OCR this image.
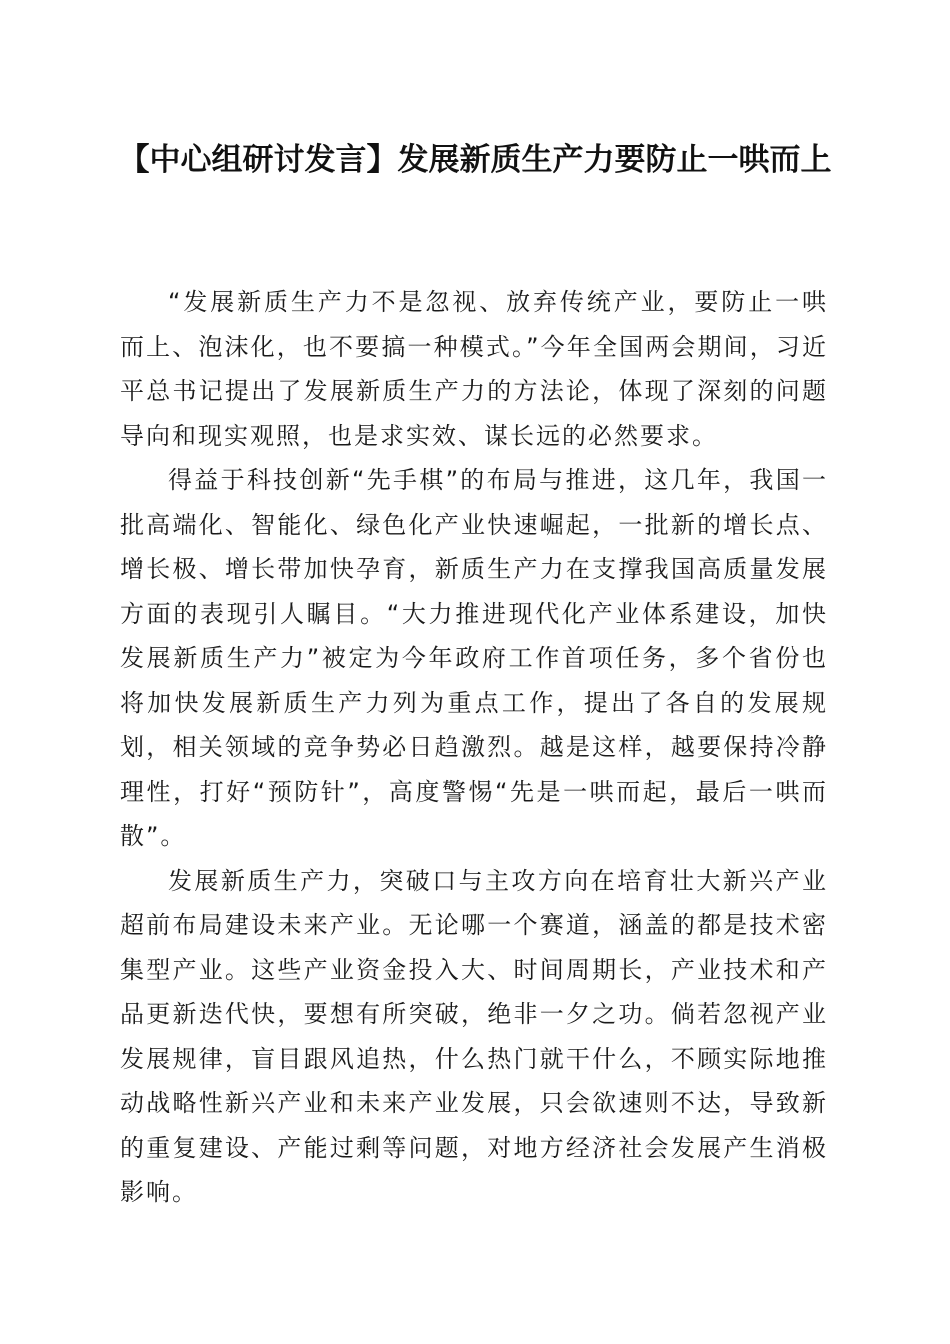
【中心组研讨发言】发展新质生产力要防止一哄而上

“发展新质生产力不是忽视、放弃传统产业，要防止一哄而上、泡沫化，也不要搞一种模式。”今年全国两会期间，习近平总书记提出了发展新质生产力的方法论，体现了深刻的问题导向和现实观照，也是求实效、谋长远的必然要求。

得益于科技创新“先手棋”的布局与推进，这几年，我国一批高端化、智能化、绿色化产业快速崛起，一批新的增长点、增长极、增长带加快孕育，新质生产力在支撑我国高质量发展方面的表现引人瞩目。“大力推进现代化产业体系建设，加快发展新质生产力”被定为今年政府工作首项任务，多个省份也将加快发展新质生产力列为重点工作，提出了各自的发展规划，相关领域的竞争势必日趋激烈。越是这样，越要保持冷静理性，打好“预防针”，高度警惕“先是一哄而起，最后一哄而散”。

发展新质生产力，突破口与主攻方向在培育壮大新兴产业超前布局建设未来产业。无论哪一个赛道，涵盖的都是技术密集型产业。这些产业资金投入大、时间周期长，产业技术和产品更新迭代快，要想有所突破，绝非一夕之功。倘若忽视产业发展规律，盲目跟风追热，什么热门就干什么，不顾实际地推动战略性新兴产业和未来产业发展，只会欲速则不达，导致新的重复建设、产能过剩等问题，对地方经济社会发展产生消极影响。
